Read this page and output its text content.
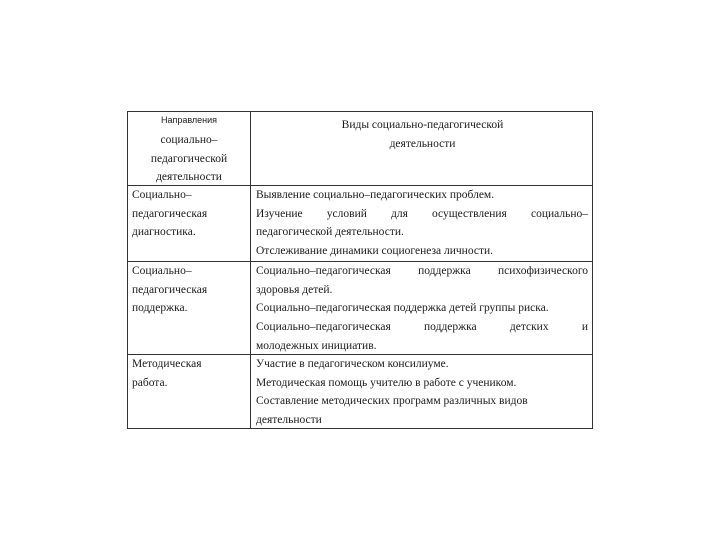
Направления
социально–
педагогической
деятельности
Виды социально-педагогической
деятельности
Социально–
педагогическая
диагностика.
Выявление социально–педагогических проблем.
Изучение условий для осуществления социально–
педагогической деятельности.
Отслеживание динамики социогенеза личности.
Социально–
педагогическая
поддержка.
Социально–педагогическая поддержка психофизического
здоровья детей.
Социально–педагогическая поддержка детей группы риска.
Социально–педагогическая поддержка детских и
молодежных инициатив.
Методическая
работа.
Участие в педагогическом консилиуме.
Методическая помощь учителю в работе с учеником.
Составление методических программ различных видов
деятельности
